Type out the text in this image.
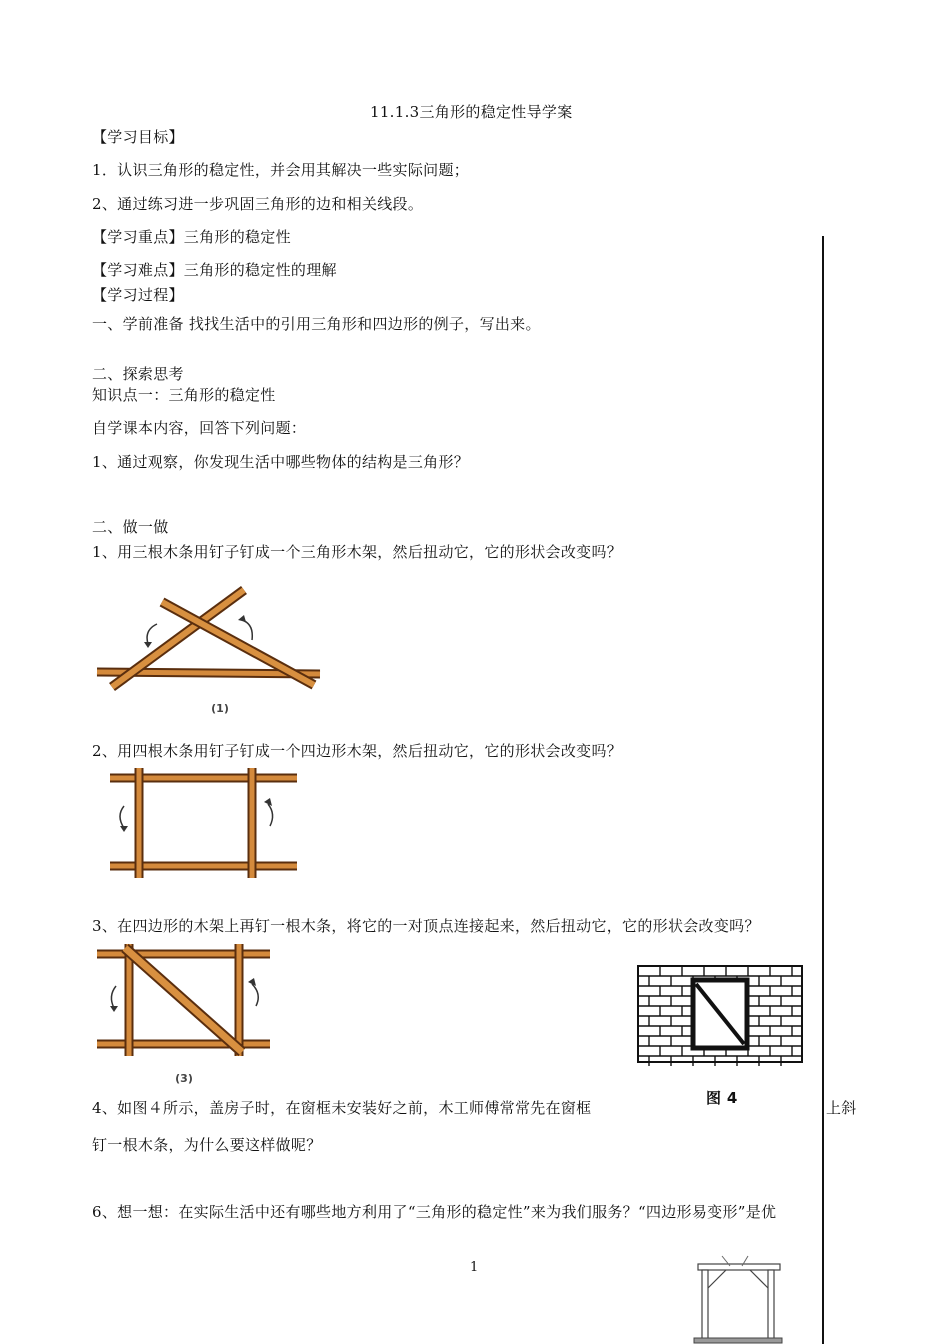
11.1.3三角形的稳定性导学案
【学习目标】
1．认识三角形的稳定性，并会用其解决一些实际问题；
2、通过练习进一步巩固三角形的边和相关线段。
【学习重点】三角形的稳定性
【学习难点】三角形的稳定性的理解
【学习过程】
一、学前准备 找找生活中的引用三角形和四边形的例子，写出来。
二、探索思考
知识点一：三角形的稳定性
自学课本内容，回答下列问题：
1、通过观察，你发现生活中哪些物体的结构是三角形？
二、做一做
1、用三根木条用钉子钉成一个三角形木架，然后扭动它，它的形状会改变吗？
(1)
2、用四根木条用钉子钉成一个四边形木架，然后扭动它，它的形状会改变吗？
3、在四边形的木架上再钉一根木条，将它的一对顶点连接起来，然后扭动它，它的形状会改变吗？
(3)
图 4
4、如图４所示，盖房子时，在窗框未安装好之前，木工师傅常常先在窗框	上斜
钉一根木条，为什么要这样做呢？
6、想一想：在实际生活中还有哪些地方利用了“三角形的稳定性”来为我们服务？“四边形易变形”是优
1
